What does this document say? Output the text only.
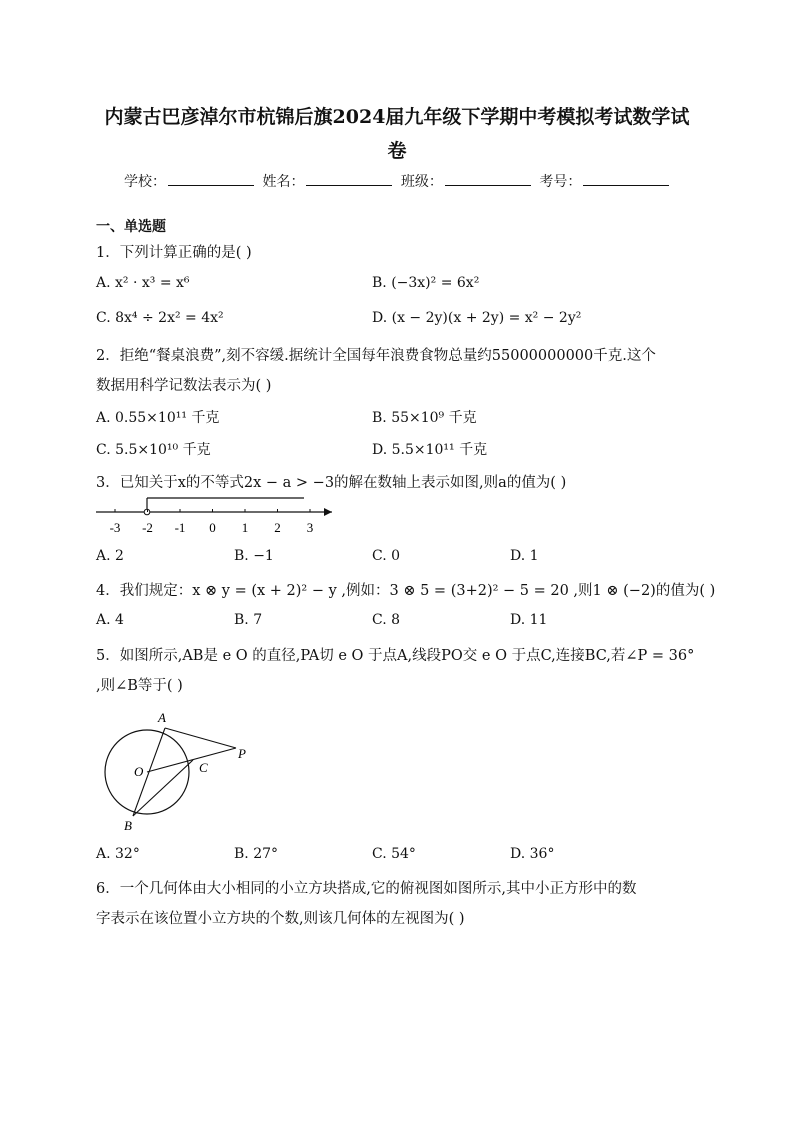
内蒙古巴彦淖尔市杭锦后旗2024届九年级下学期中考模拟考试数学试
卷
学校：	姓名：	班级：	考号：
一、单选题
1．下列计算正确的是( )
A. x² · x³ = x⁶	B. (−3x)² = 6x²
C. 8x⁴ ÷ 2x² = 4x²	D. (x − 2y)(x + 2y) = x² − 2y²
2．拒绝“餐桌浪费”,刻不容缓.据统计全国每年浪费食物总量约55000000000千克.这个
数据用科学记数法表示为( )
A. 0.55×10¹¹ 千克	B. 55×10⁹ 千克
C. 5.5×10¹⁰ 千克	D. 5.5×10¹¹ 千克
3．已知关于x的不等式2x − a > −3的解在数轴上表示如图,则a的值为( )
-3 -2 -1 0 1 2 3
A. 2	B. −1	C. 0	D. 1
4．我们规定：x ⊗ y = (x + 2)² − y ,例如：3 ⊗ 5 = (3+2)² − 5 = 20 ,则1 ⊗ (−2)的值为( )
A. 4	B. 7	C. 8	D. 11
5．如图所示,AB是 e O 的直径,PA切 e O 于点A,线段PO交 e O 于点C,连接BC,若∠P = 36°
,则∠B等于( )
A
P
O	C
B
A. 32°	B. 27°	C. 54°	D. 36°
6．一个几何体由大小相同的小立方块搭成,它的俯视图如图所示,其中小正方形中的数
字表示在该位置小立方块的个数,则该几何体的左视图为( )
